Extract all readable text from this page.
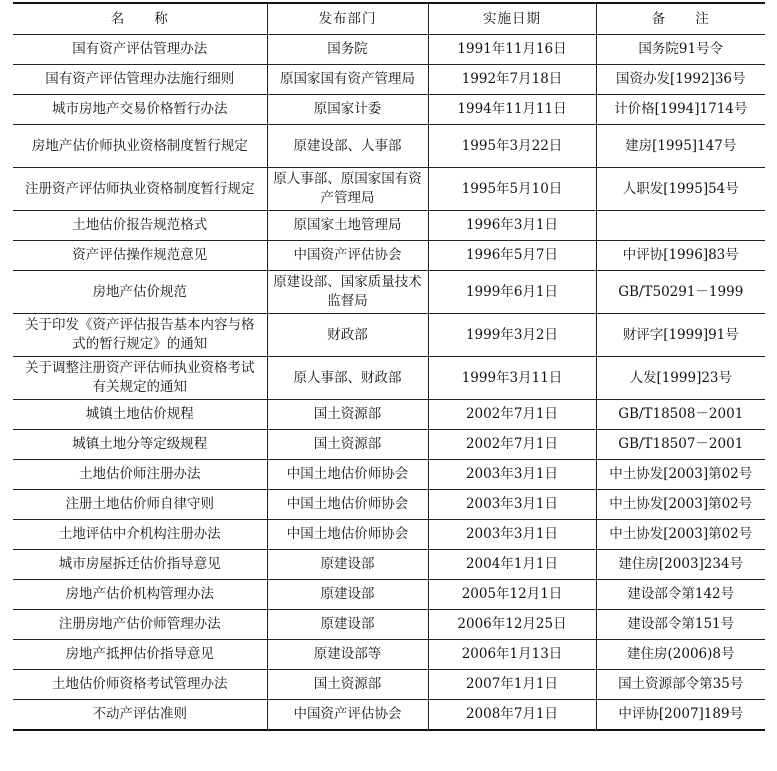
名　　称	发布部门	实施日期	备　　注
国有资产评估管理办法	国务院	1991年11月16日	国务院91号令
国有资产评估管理办法施行细则	原国家国有资产管理局	1992年7月18日	国资办发[1992]36号
城市房地产交易价格暂行办法	原国家计委	1994年11月11日	计价格[1994]1714号
房地产估价师执业资格制度暂行规定	原建设部、人事部	1995年3月22日	建房[1995]147号
注册资产评估师执业资格制度暂行规定	原人事部、原国家国有资产管理局	1995年5月10日	人职发[1995]54号
土地估价报告规范格式	原国家土地管理局	1996年3月1日	
资产评估操作规范意见	中国资产评估协会	1996年5月7日	中评协[1996]83号
房地产估价规范	原建设部、国家质量技术监督局	1999年6月1日	GB/T50291－1999
关于印发《资产评估报告基本内容与格式的暂行规定》的通知	财政部	1999年3月2日	财评字[1999]91号
关于调整注册资产评估师执业资格考试有关规定的通知	原人事部、财政部	1999年3月11日	人发[1999]23号
城镇土地估价规程	国土资源部	2002年7月1日	GB/T18508－2001
城镇土地分等定级规程	国土资源部	2002年7月1日	GB/T18507－2001
土地估价师注册办法	中国土地估价师协会	2003年3月1日	中土协发[2003]第02号
注册土地估价师自律守则	中国土地估价师协会	2003年3月1日	中土协发[2003]第02号
土地评估中介机构注册办法	中国土地估价师协会	2003年3月1日	中土协发[2003]第02号
城市房屋拆迁估价指导意见	原建设部	2004年1月1日	建住房[2003]234号
房地产估价机构管理办法	原建设部	2005年12月1日	建设部令第142号
注册房地产估价师管理办法	原建设部	2006年12月25日	建设部令第151号
房地产抵押估价指导意见	原建设部等	2006年1月13日	建住房(2006)8号
土地估价师资格考试管理办法	国土资源部	2007年1月1日	国土资源部令第35号
不动产评估准则	中国资产评估协会	2008年7月1日	中评协[2007]189号
